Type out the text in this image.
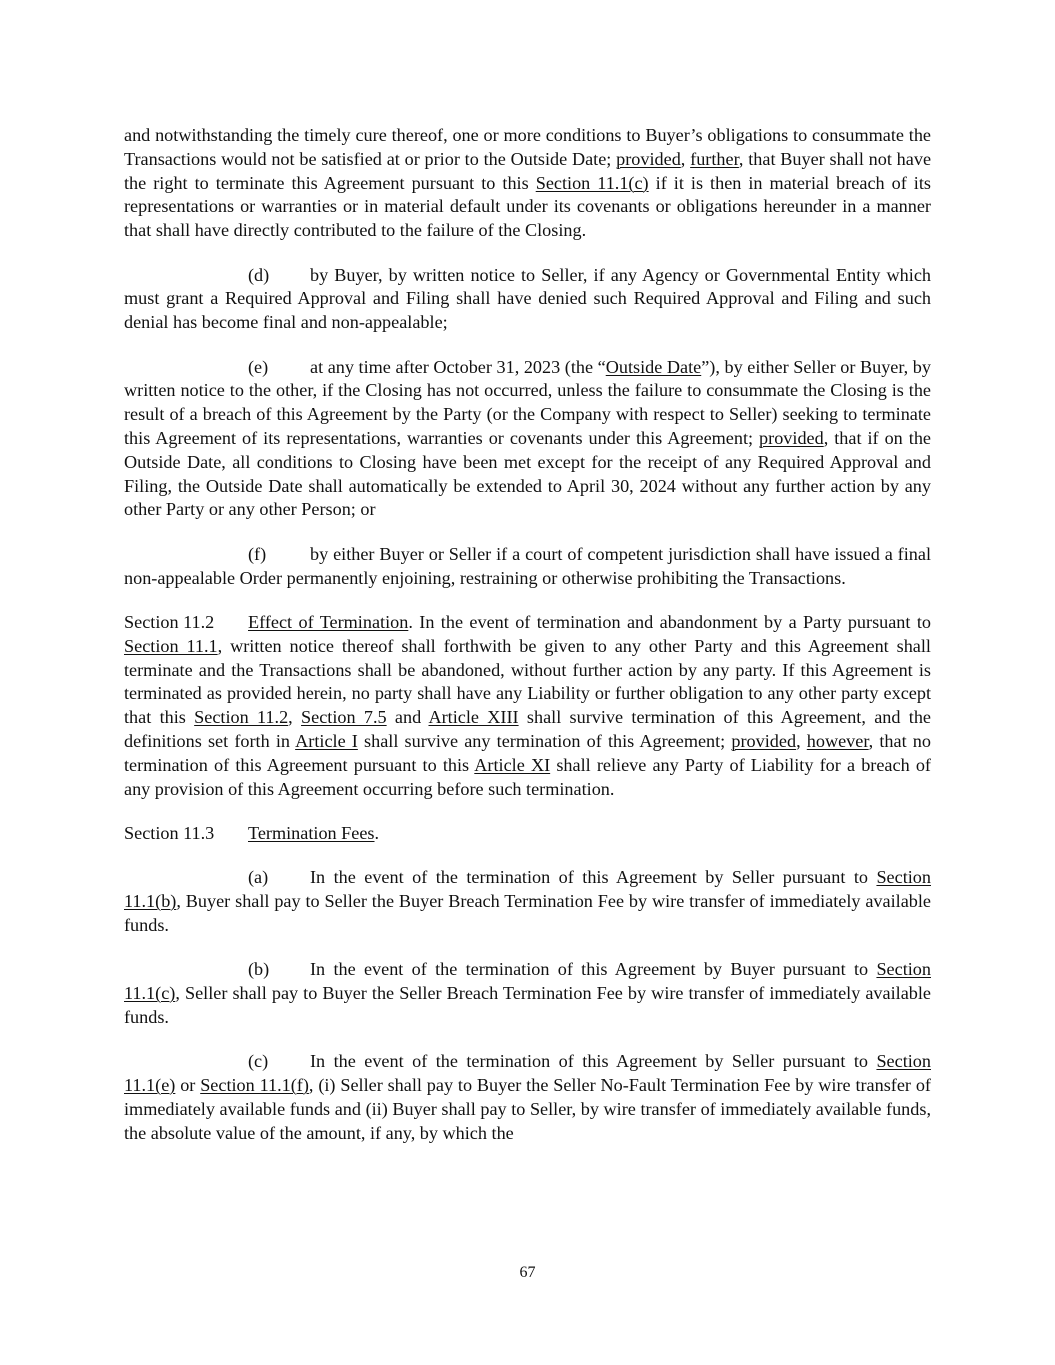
and notwithstanding the timely cure thereof, one or more conditions to Buyer’s obligations to consummate the Transactions would not be satisfied at or prior to the Outside Date; provided, further, that Buyer shall not have the right to terminate this Agreement pursuant to this Section 11.1(c) if it is then in material breach of its representations or warranties or in material default under its covenants or obligations hereunder in a manner that shall have directly contributed to the failure of the Closing.

(d) by Buyer, by written notice to Seller, if any Agency or Governmental Entity which must grant a Required Approval and Filing shall have denied such Required Approval and Filing and such denial has become final and non-appealable;

(e) at any time after October 31, 2023 (the “Outside Date”), by either Seller or Buyer, by written notice to the other, if the Closing has not occurred, unless the failure to consummate the Closing is the result of a breach of this Agreement by the Party (or the Company with respect to Seller) seeking to terminate this Agreement of its representations, warranties or covenants under this Agreement; provided, that if on the Outside Date, all conditions to Closing have been met except for the receipt of any Required Approval and Filing, the Outside Date shall automatically be extended to April 30, 2024 without any further action by any other Party or any other Person; or

(f) by either Buyer or Seller if a court of competent jurisdiction shall have issued a final non-appealable Order permanently enjoining, restraining or otherwise prohibiting the Transactions.

Section 11.2 Effect of Termination. In the event of termination and abandonment by a Party pursuant to Section 11.1, written notice thereof shall forthwith be given to any other Party and this Agreement shall terminate and the Transactions shall be abandoned, without further action by any party. If this Agreement is terminated as provided herein, no party shall have any Liability or further obligation to any other party except that this Section 11.2, Section 7.5 and Article XIII shall survive termination of this Agreement, and the definitions set forth in Article I shall survive any termination of this Agreement; provided, however, that no termination of this Agreement pursuant to this Article XI shall relieve any Party of Liability for a breach of any provision of this Agreement occurring before such termination.

Section 11.3 Termination Fees.

(a) In the event of the termination of this Agreement by Seller pursuant to Section 11.1(b), Buyer shall pay to Seller the Buyer Breach Termination Fee by wire transfer of immediately available funds.

(b) In the event of the termination of this Agreement by Buyer pursuant to Section 11.1(c), Seller shall pay to Buyer the Seller Breach Termination Fee by wire transfer of immediately available funds.

(c) In the event of the termination of this Agreement by Seller pursuant to Section 11.1(e) or Section 11.1(f), (i) Seller shall pay to Buyer the Seller No-Fault Termination Fee by wire transfer of immediately available funds and (ii) Buyer shall pay to Seller, by wire transfer of immediately available funds, the absolute value of the amount, if any, by which the

67
